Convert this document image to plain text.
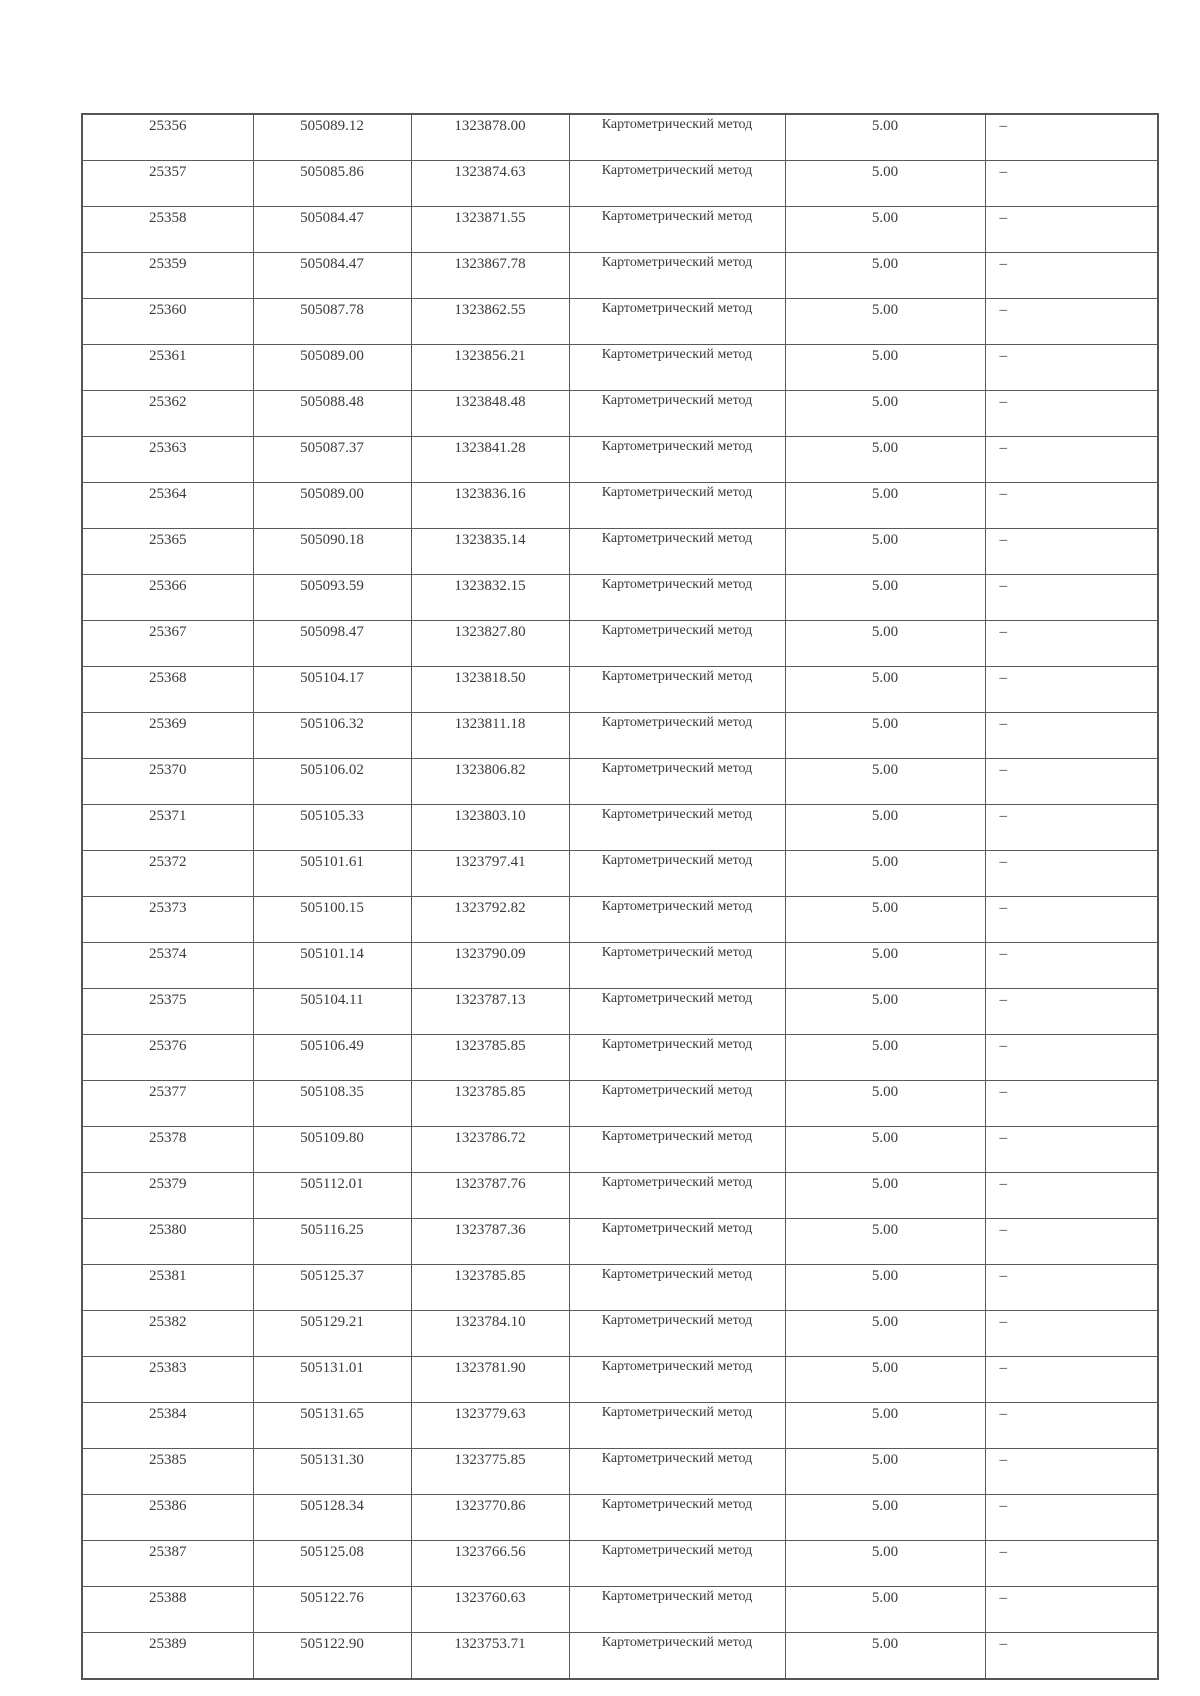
25356	505089.12	1323878.00	Картометрический метод	5.00	–
25357	505085.86	1323874.63	Картометрический метод	5.00	–
25358	505084.47	1323871.55	Картометрический метод	5.00	–
25359	505084.47	1323867.78	Картометрический метод	5.00	–
25360	505087.78	1323862.55	Картометрический метод	5.00	–
25361	505089.00	1323856.21	Картометрический метод	5.00	–
25362	505088.48	1323848.48	Картометрический метод	5.00	–
25363	505087.37	1323841.28	Картометрический метод	5.00	–
25364	505089.00	1323836.16	Картометрический метод	5.00	–
25365	505090.18	1323835.14	Картометрический метод	5.00	–
25366	505093.59	1323832.15	Картометрический метод	5.00	–
25367	505098.47	1323827.80	Картометрический метод	5.00	–
25368	505104.17	1323818.50	Картометрический метод	5.00	–
25369	505106.32	1323811.18	Картометрический метод	5.00	–
25370	505106.02	1323806.82	Картометрический метод	5.00	–
25371	505105.33	1323803.10	Картометрический метод	5.00	–
25372	505101.61	1323797.41	Картометрический метод	5.00	–
25373	505100.15	1323792.82	Картометрический метод	5.00	–
25374	505101.14	1323790.09	Картометрический метод	5.00	–
25375	505104.11	1323787.13	Картометрический метод	5.00	–
25376	505106.49	1323785.85	Картометрический метод	5.00	–
25377	505108.35	1323785.85	Картометрический метод	5.00	–
25378	505109.80	1323786.72	Картометрический метод	5.00	–
25379	505112.01	1323787.76	Картометрический метод	5.00	–
25380	505116.25	1323787.36	Картометрический метод	5.00	–
25381	505125.37	1323785.85	Картометрический метод	5.00	–
25382	505129.21	1323784.10	Картометрический метод	5.00	–
25383	505131.01	1323781.90	Картометрический метод	5.00	–
25384	505131.65	1323779.63	Картометрический метод	5.00	–
25385	505131.30	1323775.85	Картометрический метод	5.00	–
25386	505128.34	1323770.86	Картометрический метод	5.00	–
25387	505125.08	1323766.56	Картометрический метод	5.00	–
25388	505122.76	1323760.63	Картометрический метод	5.00	–
25389	505122.90	1323753.71	Картометрический метод	5.00	–
